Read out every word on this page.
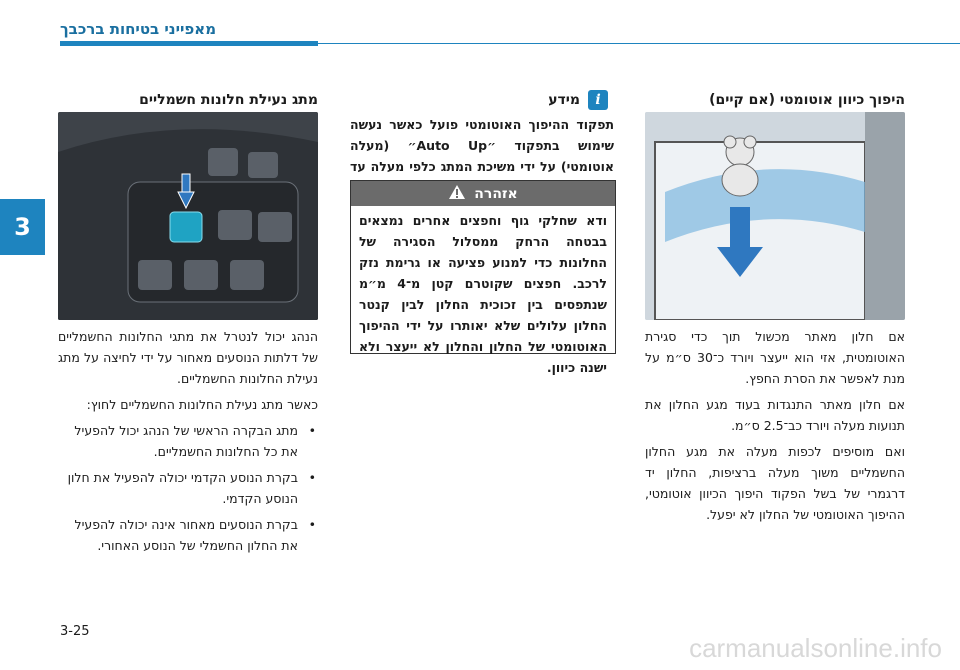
מאפייני בטיחות ברכבך
3
היפוך כיוון אוטומטי (אם קיים)
אם חלון מאתר מכשול תוך כדי סגירת האוטומטית, אזי הוא ייעצר ויורד כ־30 ס״מ על מנת לאפשר את הסרת החפץ.
אם חלון מאתר התנגדות בעוד מגע החלון את תנועות מעלה ויורד כב־2.5 ס״מ.
ואם מוסיפים לכפות מעלה את מגע החלון החשמליים משוך מעלה ברציפות, החלון יד דרגמרי של בשל הפקוד היפוך הכיוון אוטומטי, ההיפוך האוטומטי של החלון לא יפעל.
i
מידע
תפקוד ההיפוך האוטומטי פועל כאשר נעשה שימוש בתפקוד ״Auto Up״ (מעלה אוטומטי) על ידי משיכת המתג כלפי מעלה עד
אזהרה
ודא שחלקי גוף וחפצים אחרים נמצאים בבטחה הרחק ממסלול הסגירה של החלונות כדי למנוע פציעה או גרימת נזק לרכב. חפצים שקוטרם קטן מ־4 מ״מ שנתפסים בין זכוכית החלון לבין קנטר החלון עלולים שלא יאותרו על ידי ההיפוך האוטומטי של החלון והחלון לא ייעצר ולא ישנה כיוון.
מתג נעילת חלונות חשמליים
הנהג יכול לנטרל את מתגי החלונות החשמליים של דלתות הנוסעים מאחור על ידי לחיצה על מתג נעילת החלונות החשמליים.
כאשר מתג נעילת החלונות החשמליים לחוץ:
• מתג הבקרה הראשי של הנהג יכול להפעיל את כל החלונות החשמליים.
• בקרת הנוסע הקדמי יכולה להפעיל את חלון הנוסע הקדמי.
• בקרת הנוסעים מאחור אינה יכולה להפעיל את החלון החשמלי של הנוסע האחורי.
3-25
carmanualsonline.info
